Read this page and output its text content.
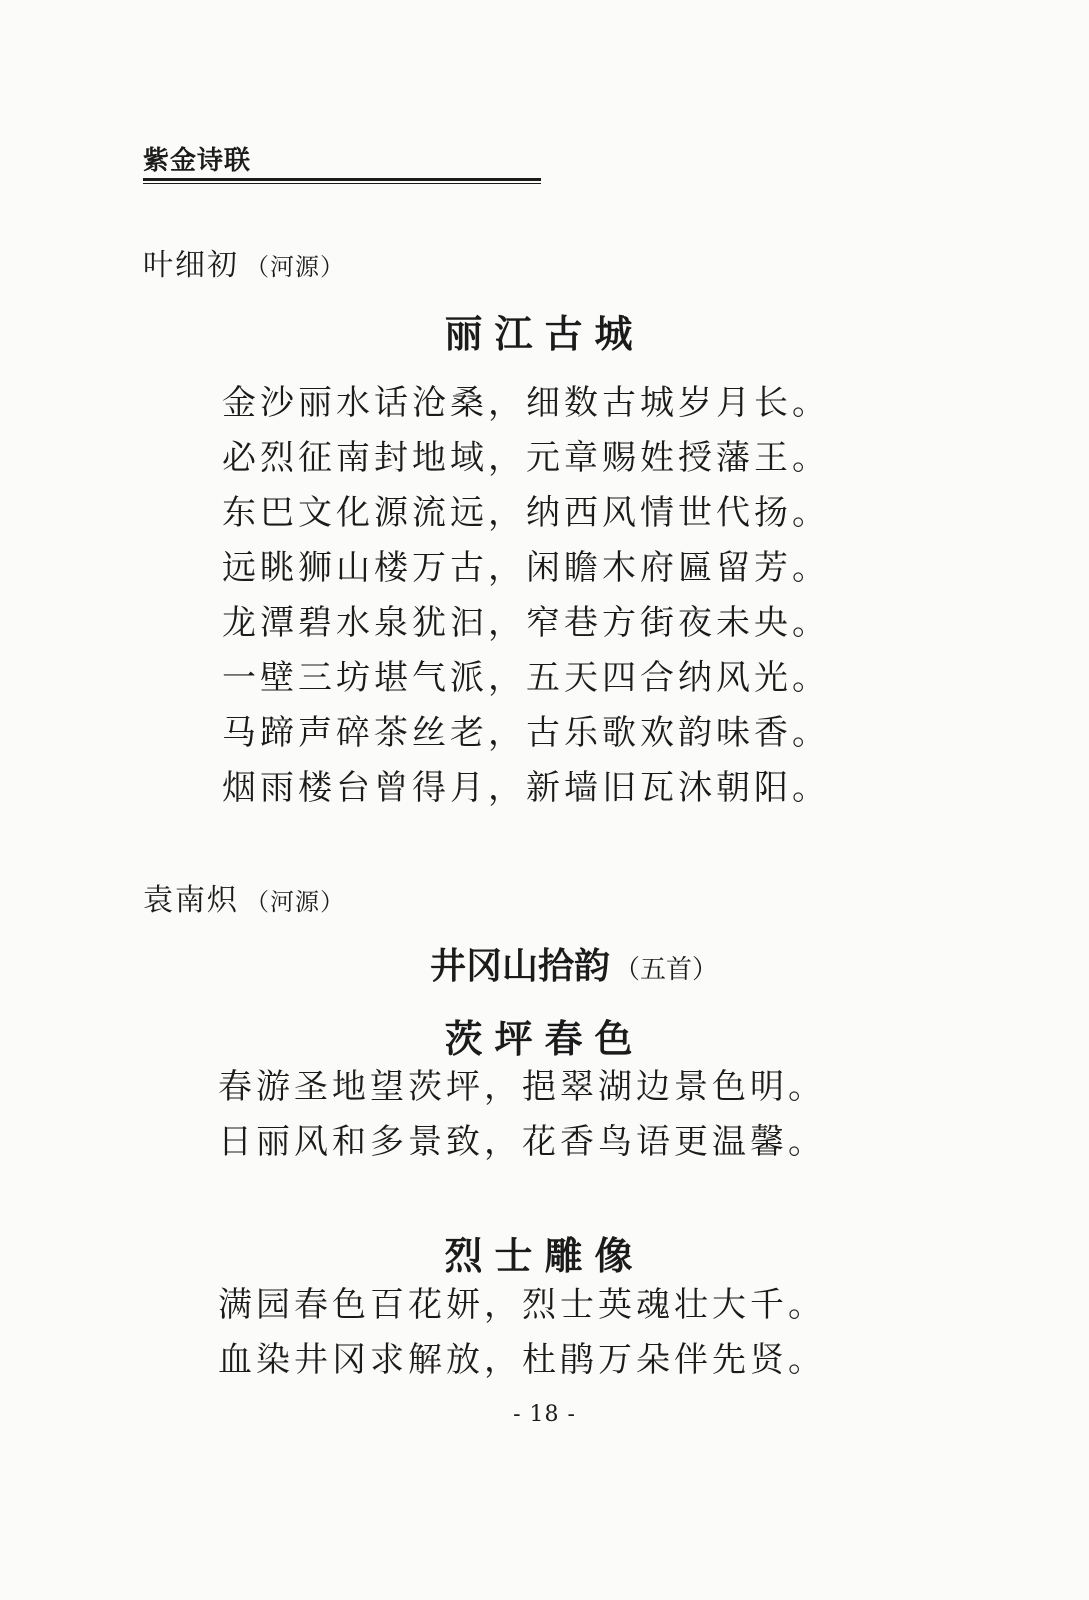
紫金诗联
叶细初 （河源）
丽江古城
金沙丽水话沧桑，细数古城岁月长。
必烈征南封地域，元章赐姓授藩王。
东巴文化源流远，纳西风情世代扬。
远眺狮山楼万古，闲瞻木府匾留芳。
龙潭碧水泉犹汩，窄巷方街夜未央。
一壁三坊堪气派，五天四合纳风光。
马蹄声碎茶丝老，古乐歌欢韵味香。
烟雨楼台曾得月，新墙旧瓦沐朝阳。
袁南炽 （河源）
井冈山拾韵 （五首）
茨坪春色
春游圣地望茨坪，挹翠湖边景色明。
日丽风和多景致，花香鸟语更温馨。
烈士雕像
满园春色百花妍，烈士英魂壮大千。
血染井冈求解放，杜鹃万朵伴先贤。
- 18 -
